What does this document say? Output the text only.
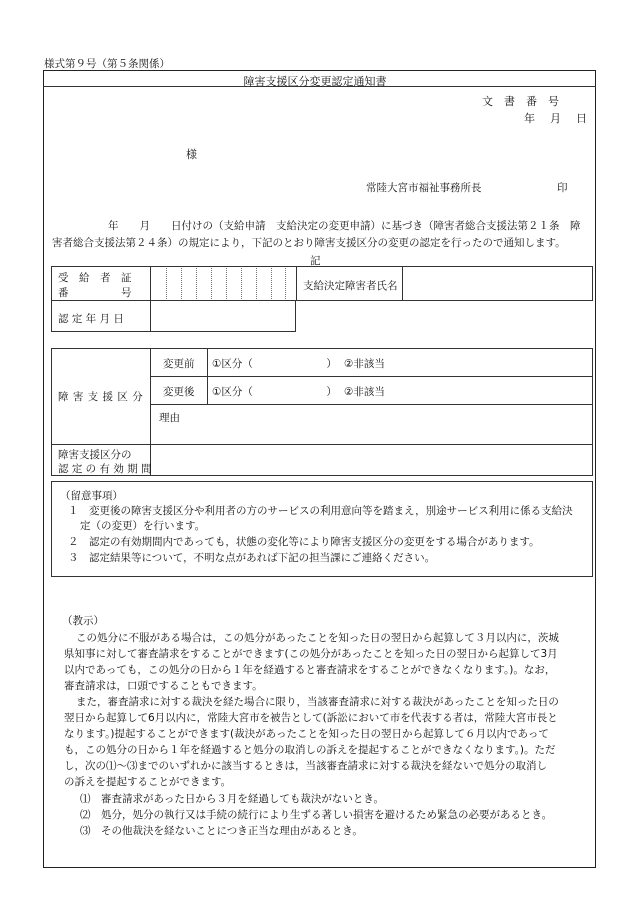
様式第９号（第５条関係）
障害支援区分変更認定通知書
文　書　番　号
年　月　日
様
常陸大宮市福祉事務所長	印
年　　月　　日付けの（支給申請　支給決定の変更申請）に基づき（障害者総合支援法第２１条　障
害者総合支援法第２４条）の規定により，下記のとおり障害支援区分の変更の認定を行ったので通知します。
記
受　給　者　証
番　　　　　号
支給決定障害者氏名
認 定 年 月 日
障 害 支 援 区 分
変更前
変更後
①区分（　　　　　　　） ②非該当
①区分（　　　　　　　） ②非該当
理由
障害支援区分の
認 定 の 有 効 期 間
（留意事項）
１　変更後の障害支援区分や利用者の方のサービスの利用意向等を踏まえ，別途サービス利用に係る支給決
定（の変更）を行います。
２　認定の有効期間内であっても，状態の変化等により障害支援区分の変更をする場合があります。
３　認定結果等について，不明な点があれば下記の担当課にご連絡ください。
（教示）
この処分に不服がある場合は，この処分があったことを知った日の翌日から起算して３月以内に，茨城
県知事に対して審査請求をすることができます(この処分があったことを知った日の翌日から起算して3月
以内であっても，この処分の日から１年を経過すると審査請求をすることができなくなります。)。なお，
審査請求は，口頭ですることもできます。
また，審査請求に対する裁決を経た場合に限り，当該審査請求に対する裁決があったことを知った日の
翌日から起算して6月以内に，常陸大宮市を被告として(訴訟において市を代表する者は，常陸大宮市長と
なります。)提起することができます(裁決があったことを知った日の翌日から起算して６月以内であって
も，この処分の日から１年を経過すると処分の取消しの訴えを提起することができなくなります。)。ただ
し，次の⑴～⑶までのいずれかに該当するときは，当該審査請求に対する裁決を経ないで処分の取消し
の訴えを提起することができます。
⑴　審査請求があった日から３月を経過しても裁決がないとき。
⑵　処分，処分の執行又は手続の続行により生ずる著しい損害を避けるため緊急の必要があるとき。
⑶　その他裁決を経ないことにつき正当な理由があるとき。
